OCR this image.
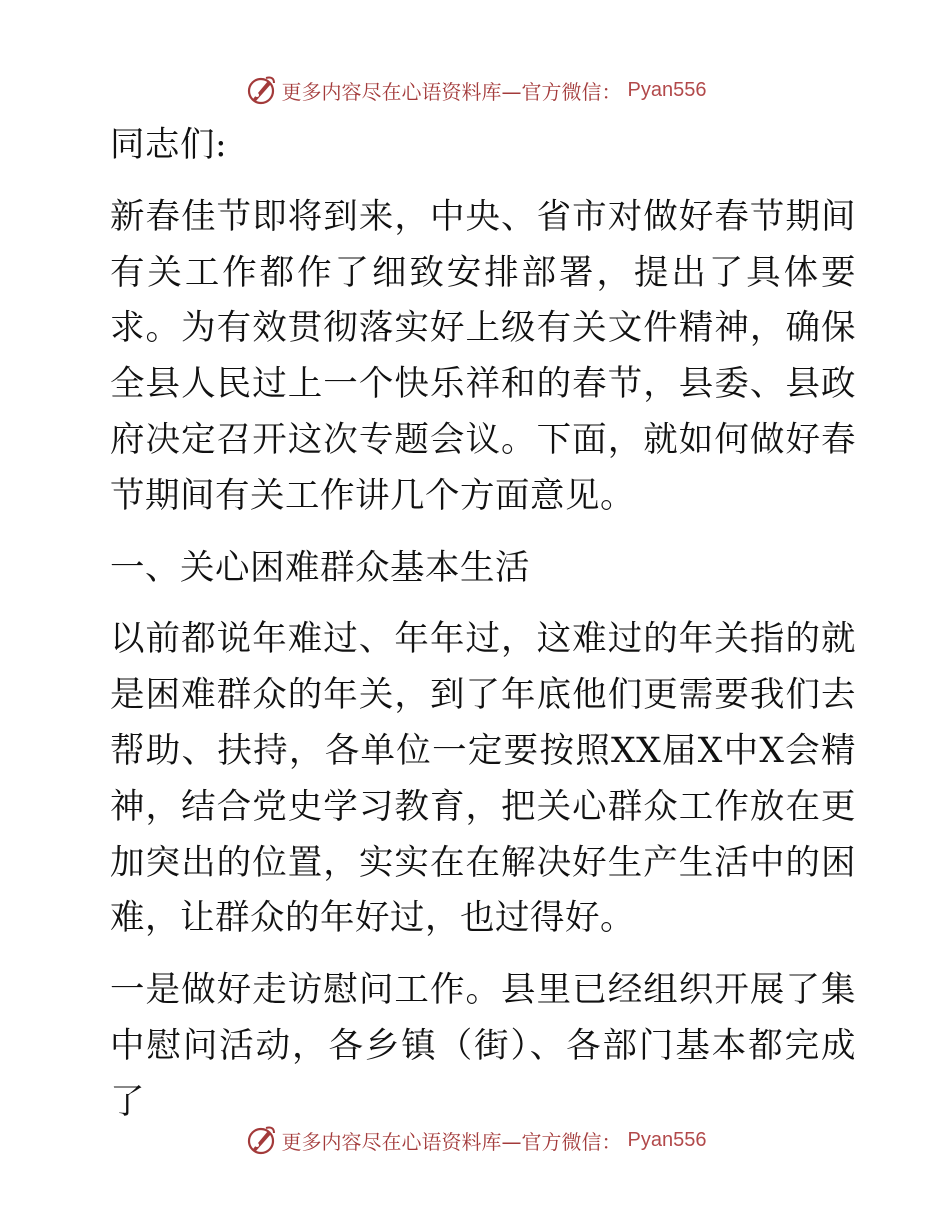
更多内容尽在心语资料库—官方微信： Pyan556

同志们:

新春佳节即将到来，中央、省市对做好春节期间有关工作都作了细致安排部署，提出了具体要求。为有效贯彻落实好上级有关文件精神，确保全县人民过上一个快乐祥和的春节，县委、县政府决定召开这次专题会议。下面，就如何做好春节期间有关工作讲几个方面意见。

一、关心困难群众基本生活

以前都说年难过、年年过，这难过的年关指的就是困难群众的年关，到了年底他们更需要我们去帮助、扶持，各单位一定要按照XX届X中X会精神，结合党史学习教育，把关心群众工作放在更加突出的位置，实实在在解决好生产生活中的困难，让群众的年好过，也过得好。

一是做好走访慰问工作。县里已经组织开展了集中慰问活动，各乡镇（街）、各部门基本都完成了

更多内容尽在心语资料库—官方微信： Pyan556
